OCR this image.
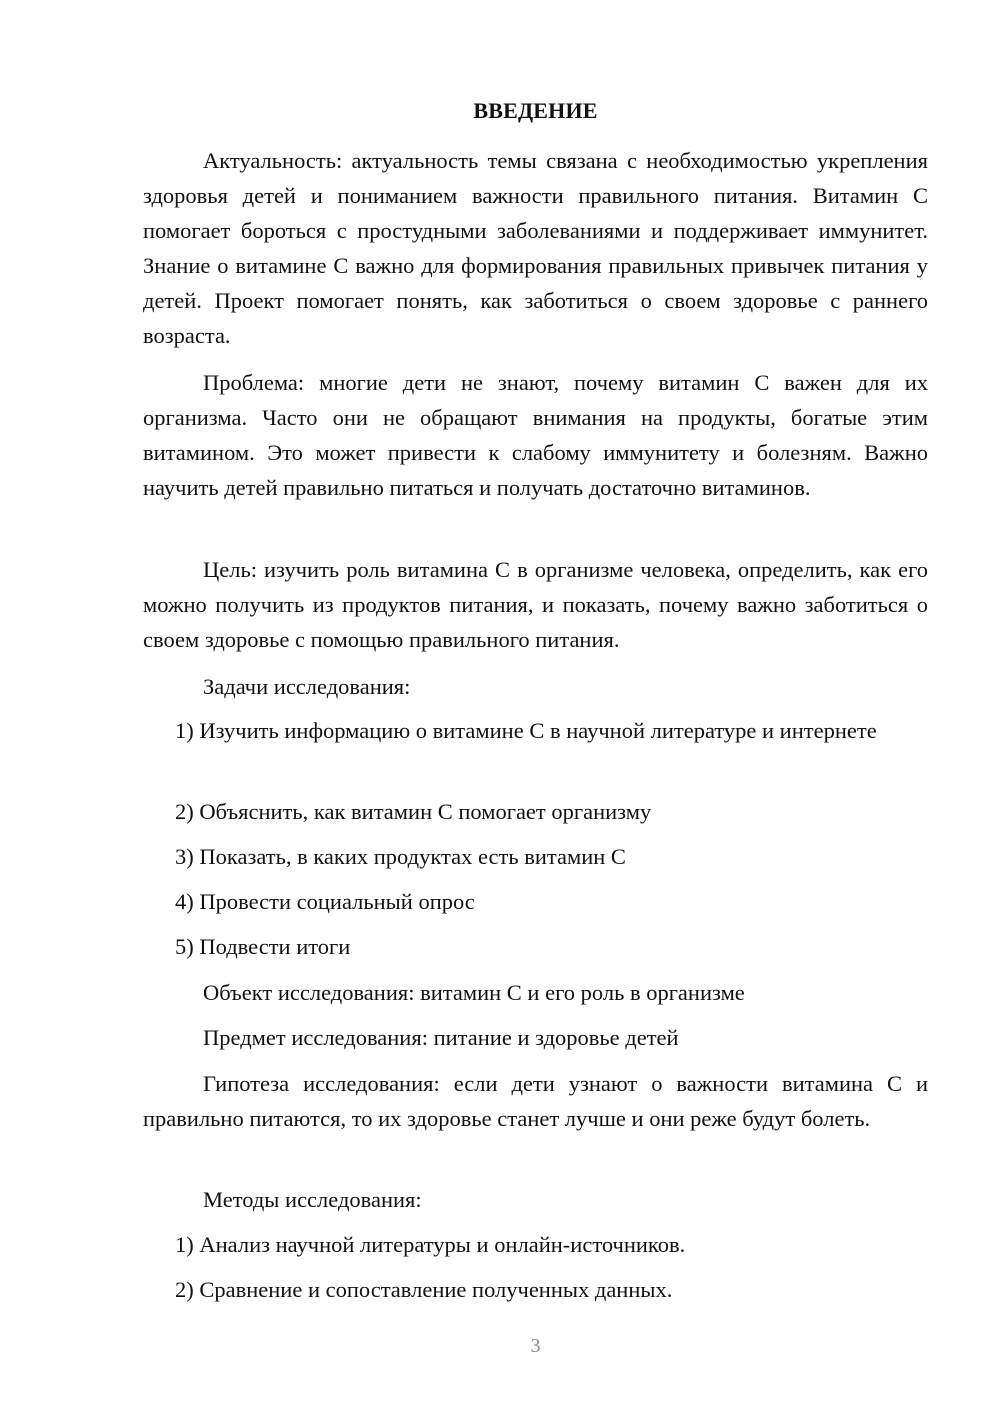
ВВЕДЕНИЕ

Актуальность: актуальность темы связана с необходимостью укрепления здоровья детей и пониманием важности правильного питания. Витамин С помогает бороться с простудными заболеваниями и поддерживает иммунитет. Знание о витамине С важно для формирования правильных привычек питания у детей. Проект помогает понять, как заботиться о своем здоровье с раннего возраста.

Проблема: многие дети не знают, почему витамин С важен для их организма. Часто они не обращают внимания на продукты, богатые этим витамином. Это может привести к слабому иммунитету и болезням. Важно научить детей правильно питаться и получать достаточно витаминов.

Цель: изучить роль витамина С в организме человека, определить, как его можно получить из продуктов питания, и показать, почему важно заботиться о своем здоровье с помощью правильного питания.

Задачи исследования:

1) Изучить информацию о витамине С в научной литературе и интернете

2) Объяснить, как витамин С помогает организму

3) Показать, в каких продуктах есть витамин С

4) Провести социальный опрос

5) Подвести итоги

Объект исследования: витамин С и его роль в организме

Предмет исследования: питание и здоровье детей

Гипотеза исследования: если дети узнают о важности витамина С и правильно питаются, то их здоровье станет лучше и они реже будут болеть.

Методы исследования:

1) Анализ научной литературы и онлайн-источников.

2) Сравнение и сопоставление полученных данных.

3
